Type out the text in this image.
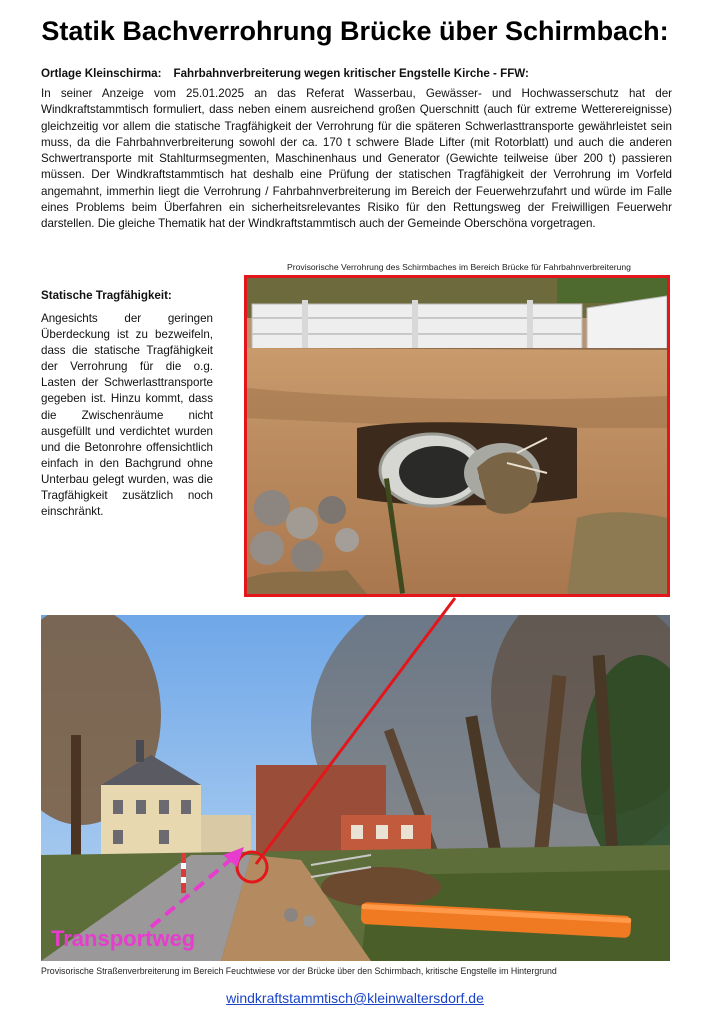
Statik Bachverrohrung Brücke über Schirmbach:
Ortlage Kleinschirma: Fahrbahnverbreiterung wegen kritischer Engstelle Kirche - FFW:
In seiner Anzeige vom 25.01.2025 an das Referat Wasserbau, Gewässer- und Hochwasserschutz hat der Windkraftstammtisch formuliert, dass neben einem ausreichend großen Querschnitt (auch für extreme Wetterereignisse) gleichzeitig vor allem die statische Tragfähigkeit der Verrohrung für die späteren Schwerlasttransporte gewährleistet sein muss, da die Fahrbahnverbreiterung sowohl der ca. 170 t schwere Blade Lifter (mit Rotorblatt) und auch die anderen Schwertransporte mit Stahlturmsegmenten, Maschinenhaus und Generator (Gewichte teilweise über 200 t) passieren müssen. Der Windkraftstammtisch hat deshalb eine Prüfung der statischen Tragfähigkeit der Verrohrung im Vorfeld angemahnt, immerhin liegt die Verrohrung / Fahrbahnverbreiterung im Bereich der Feuerwehrzufahrt und würde im Falle eines Problems beim Überfahren ein sicherheitsrelevantes Risiko für den Rettungsweg der Freiwilligen Feuerwehr darstellen. Die gleiche Thematik hat der Windkraftstammtisch auch der Gemeinde Oberschöna vorgetragen.
Provisorische Verrohrung des Schirmbaches im Bereich Brücke für Fahrbahnverbreiterung
Statische Tragfähigkeit:
Angesichts der geringen Überdeckung ist zu bezweifeln, dass die statische Tragfähigkeit der Verrohrung für die o.g. Lasten der Schwerlasttransporte gegeben ist. Hinzu kommt, dass die Zwischenräume nicht ausgefüllt und verdichtet wurden und die Betonrohre offensichtlich einfach in den Bachgrund ohne Unterbau gelegt wurden, was die Tragfähigkeit zusätzlich noch einschränkt.
Transportweg
Provisorische Straßenverbreiterung im Bereich Feuchtwiese vor der Brücke über den Schirmbach, kritische Engstelle im Hintergrund
windkraftstammtisch@kleinwaltersdorf.de
